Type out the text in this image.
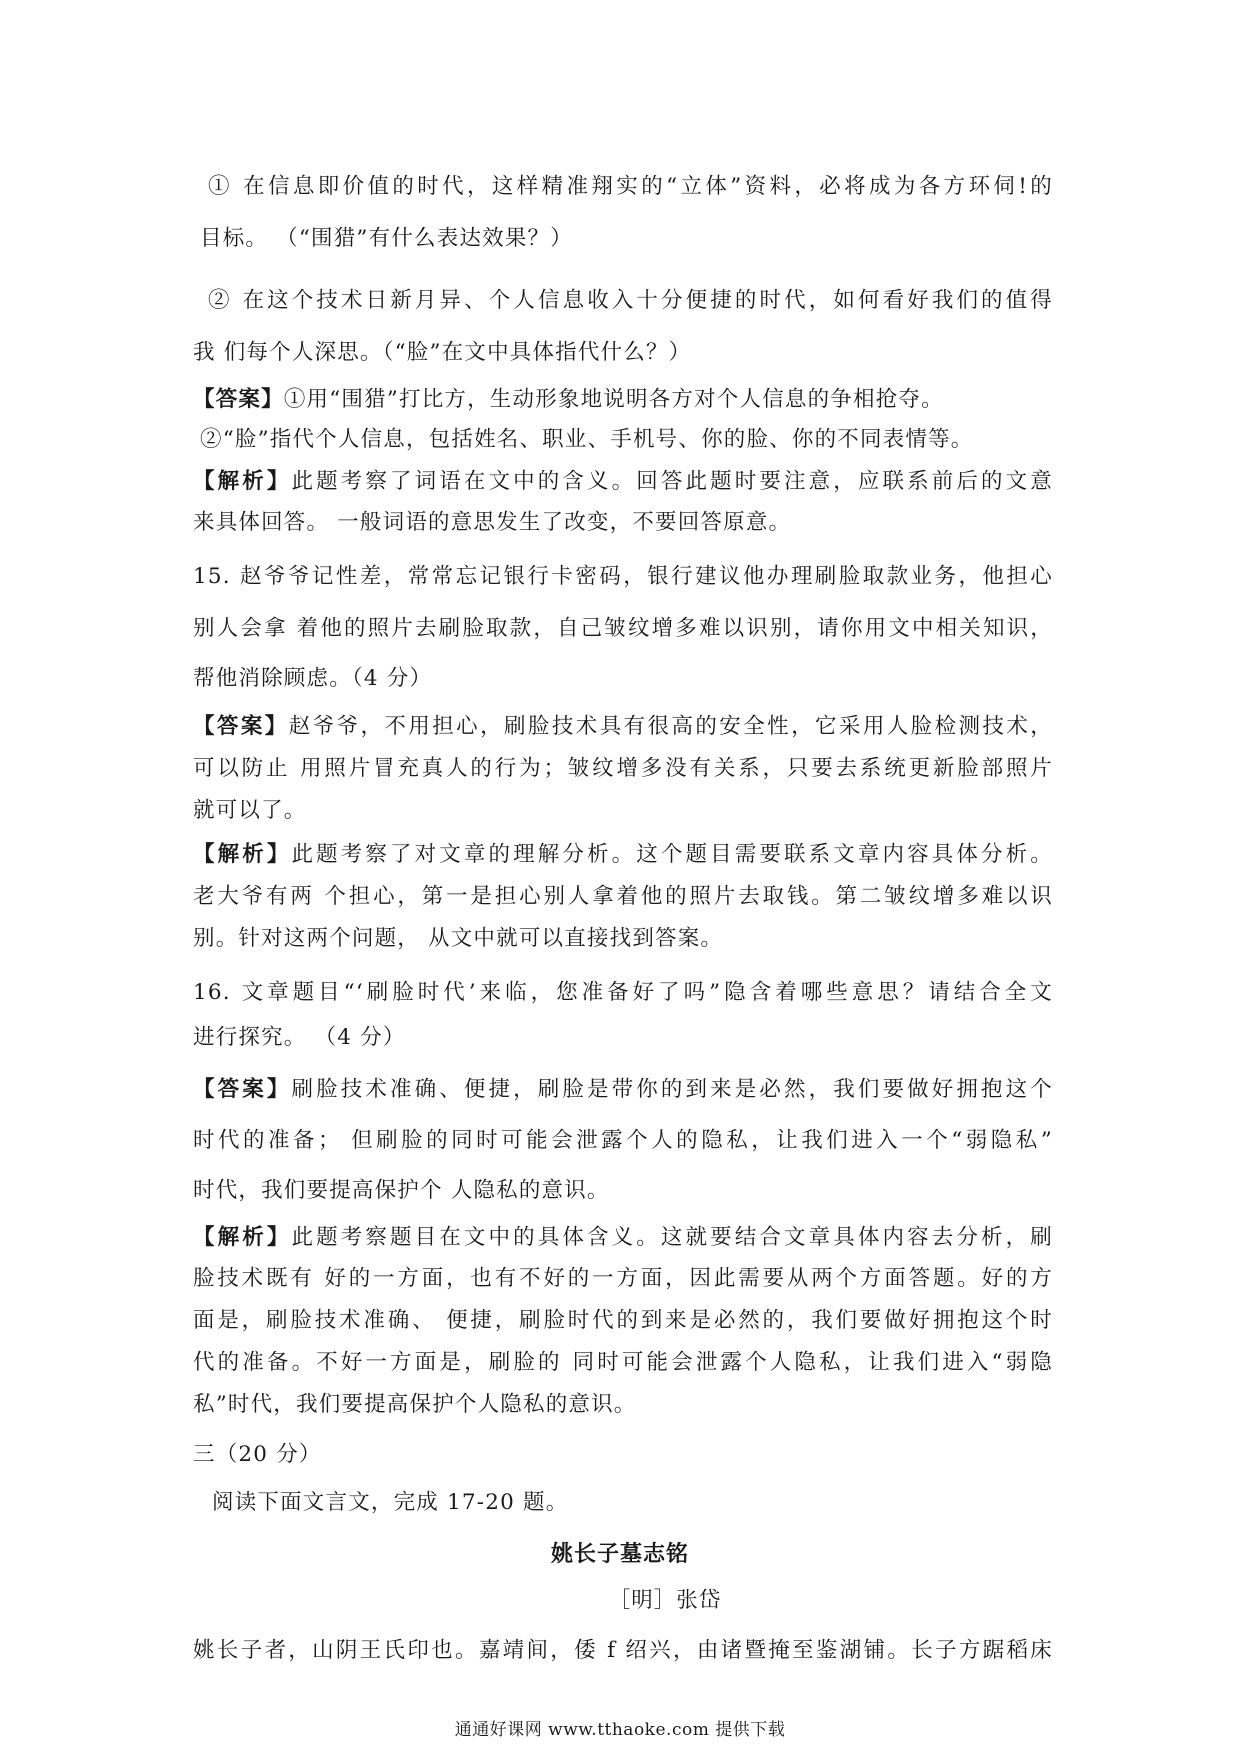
① 在信息即价值的时代，这样精准翔实的“立体”资料，必将成为各方环伺!的
目标。 （“围猎”有什么表达效果？）
② 在这个技术日新月异、个人信息收入十分便捷的时代，如何看好我们的值得
我 们每个人深思。（“脸”在文中具体指代什么？）
【答案】①用“围猎”打比方，生动形象地说明各方对个人信息的争相抢夺。
②“脸”指代个人信息，包括姓名、职业、手机号、你的脸、你的不同表情等。
【解析】此题考察了词语在文中的含义。回答此题时要注意，应联系前后的文意
来具体回答。 一般词语的意思发生了改变，不要回答原意。
15. 赵爷爷记性差，常常忘记银行卡密码，银行建议他办理刷脸取款业务，他担心
别人会拿 着他的照片去刷脸取款，自己皱纹增多难以识别，请你用文中相关知识，
帮他消除顾虑。（4 分）
【答案】赵爷爷，不用担心，刷脸技术具有很高的安全性，它采用人脸检测技术，
可以防止 用照片冒充真人的行为；皱纹增多没有关系，只要去系统更新脸部照片
就可以了。
【解析】此题考察了对文章的理解分析。这个题目需要联系文章内容具体分析。
老大爷有两 个担心，第一是担心别人拿着他的照片去取钱。第二皱纹增多难以识
别。针对这两个问题， 从文中就可以直接找到答案。
16. 文章题目“‘刷脸时代’来临，您准备好了吗”隐含着哪些意思？请结合全文
进行探究。 （4 分）
【答案】刷脸技术准确、便捷，刷脸是带你的到来是必然，我们要做好拥抱这个
时代的准备； 但刷脸的同时可能会泄露个人的隐私，让我们进入一个“弱隐私”
时代，我们要提高保护个 人隐私的意识。
【解析】此题考察题目在文中的具体含义。这就要结合文章具体内容去分析，刷
脸技术既有 好的一方面，也有不好的一方面，因此需要从两个方面答题。好的方
面是，刷脸技术准确、 便捷，刷脸时代的到来是必然的，我们要做好拥抱这个时
代的准备。不好一方面是，刷脸的 同时可能会泄露个人隐私，让我们进入“弱隐
私”时代，我们要提高保护个人隐私的意识。
三（20 分）
阅读下面文言文，完成 17-20 题。
姚长子墓志铭
［明］张岱
姚长子者，山阴王氏印也。嘉靖间，倭 f 绍兴，由诸暨掩至鉴湖铺。长子方踞稻床
通通好课网 www.tthaoke.com 提供下载
